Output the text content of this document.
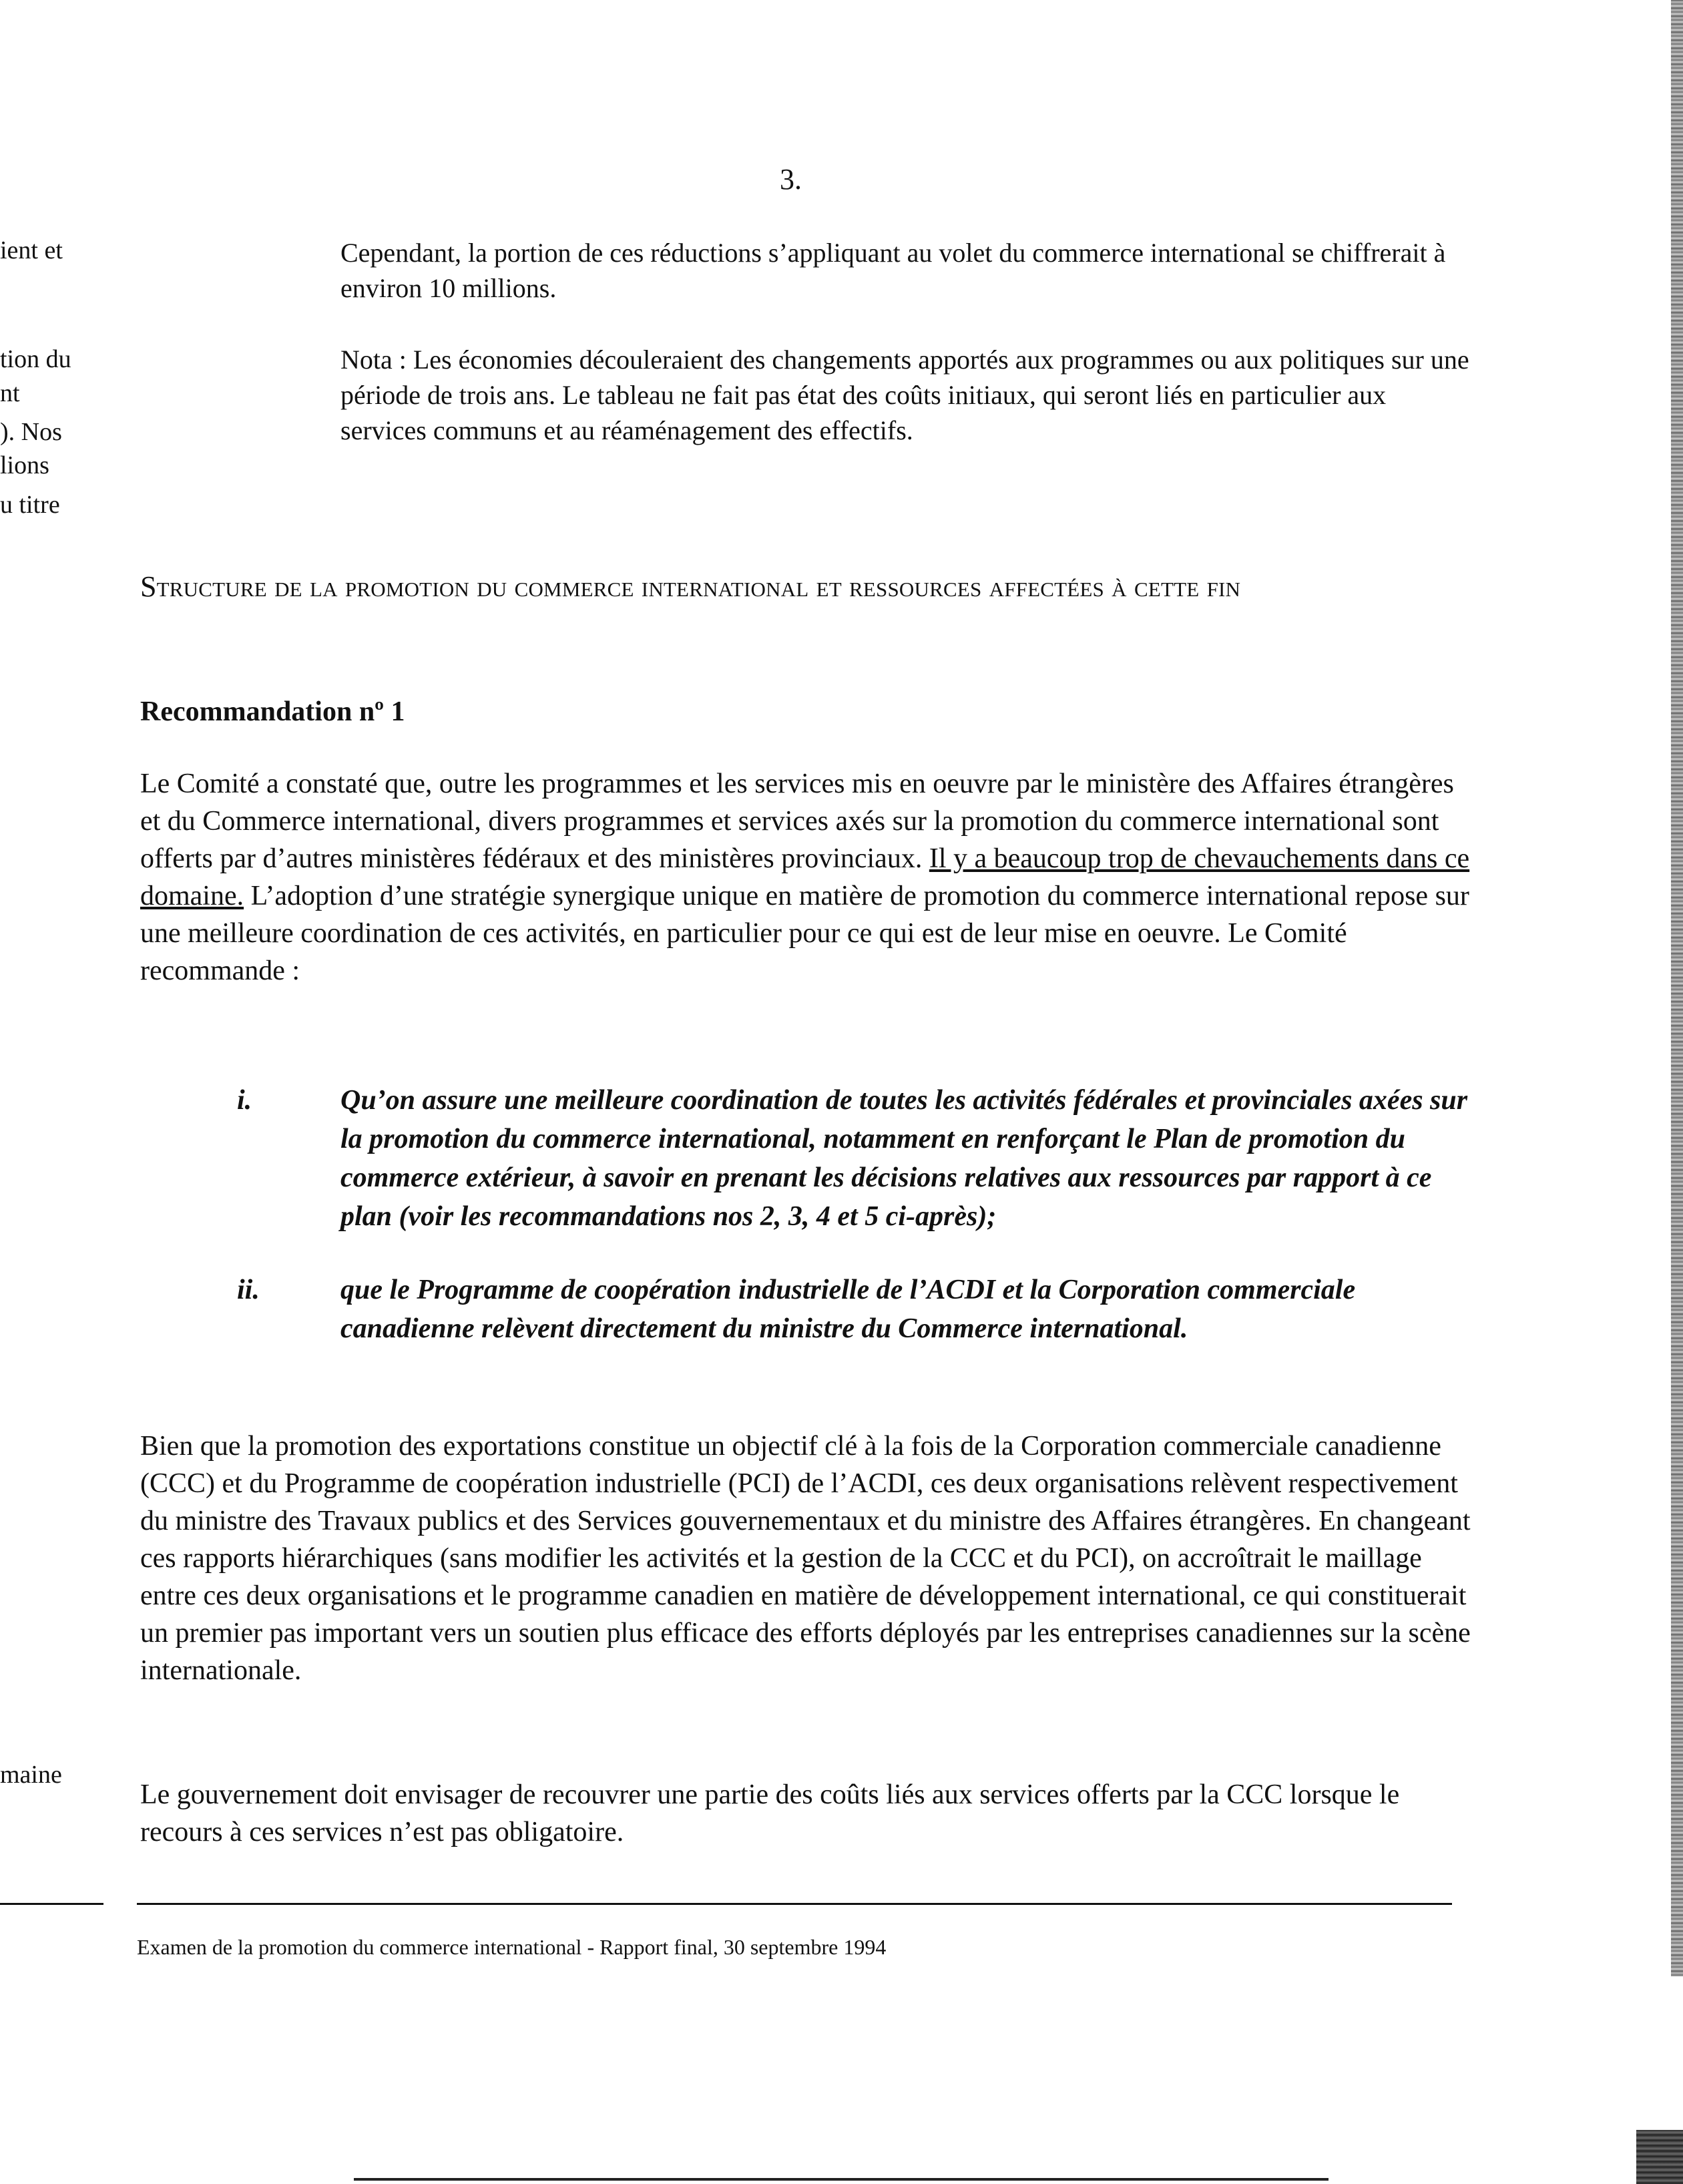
3.
ient et
tion du
nt
). Nos
lions
u titre
maine

Cependant, la portion de ces réductions s’appliquant au volet du commerce international se chiffrerait à environ 10 millions.

Nota : Les économies découleraient des changements apportés aux programmes ou aux politiques sur une période de trois ans. Le tableau ne fait pas état des coûts initiaux, qui seront liés en particulier aux services communs et au réaménagement des effectifs.

Structure de la promotion du commerce international et ressources affectées à cette fin
Recommandation nº 1

Le Comité a constaté que, outre les programmes et les services mis en oeuvre par le ministère des Affaires étrangères et du Commerce international, divers programmes et services axés sur la promotion du commerce international sont offerts par d’autres ministères fédéraux et des ministères provinciaux. Il y a beaucoup trop de chevauchements dans ce domaine. L’adoption d’une stratégie synergique unique en matière de promotion du commerce international repose sur une meilleure coordination de ces activités, en particulier pour ce qui est de leur mise en oeuvre. Le Comité recommande :

i.	Qu’on assure une meilleure coordination de toutes les activités fédérales et provinciales axées sur la promotion du commerce international, notamment en renforçant le Plan de promotion du commerce extérieur, à savoir en prenant les décisions relatives aux ressources par rapport à ce plan (voir les recommandations nos 2, 3, 4 et 5 ci-après);
ii.	que le Programme de coopération industrielle de l’ACDI et la Corporation commerciale canadienne relèvent directement du ministre du Commerce international.

Bien que la promotion des exportations constitue un objectif clé à la fois de la Corporation commerciale canadienne (CCC) et du Programme de coopération industrielle (PCI) de l’ACDI, ces deux organisations relèvent respectivement du ministre des Travaux publics et des Services gouvernementaux et du ministre des Affaires étrangères. En changeant ces rapports hiérarchiques (sans modifier les activités et la gestion de la CCC et du PCI), on accroîtrait le maillage entre ces deux organisations et le programme canadien en matière de développement international, ce qui constituerait un premier pas important vers un soutien plus efficace des efforts déployés par les entreprises canadiennes sur la scène internationale.

Le gouvernement doit envisager de recouvrer une partie des coûts liés aux services offerts par la CCC lorsque le recours à ces services n’est pas obligatoire.

Examen de la promotion du commerce international - Rapport final, 30 septembre 1994
